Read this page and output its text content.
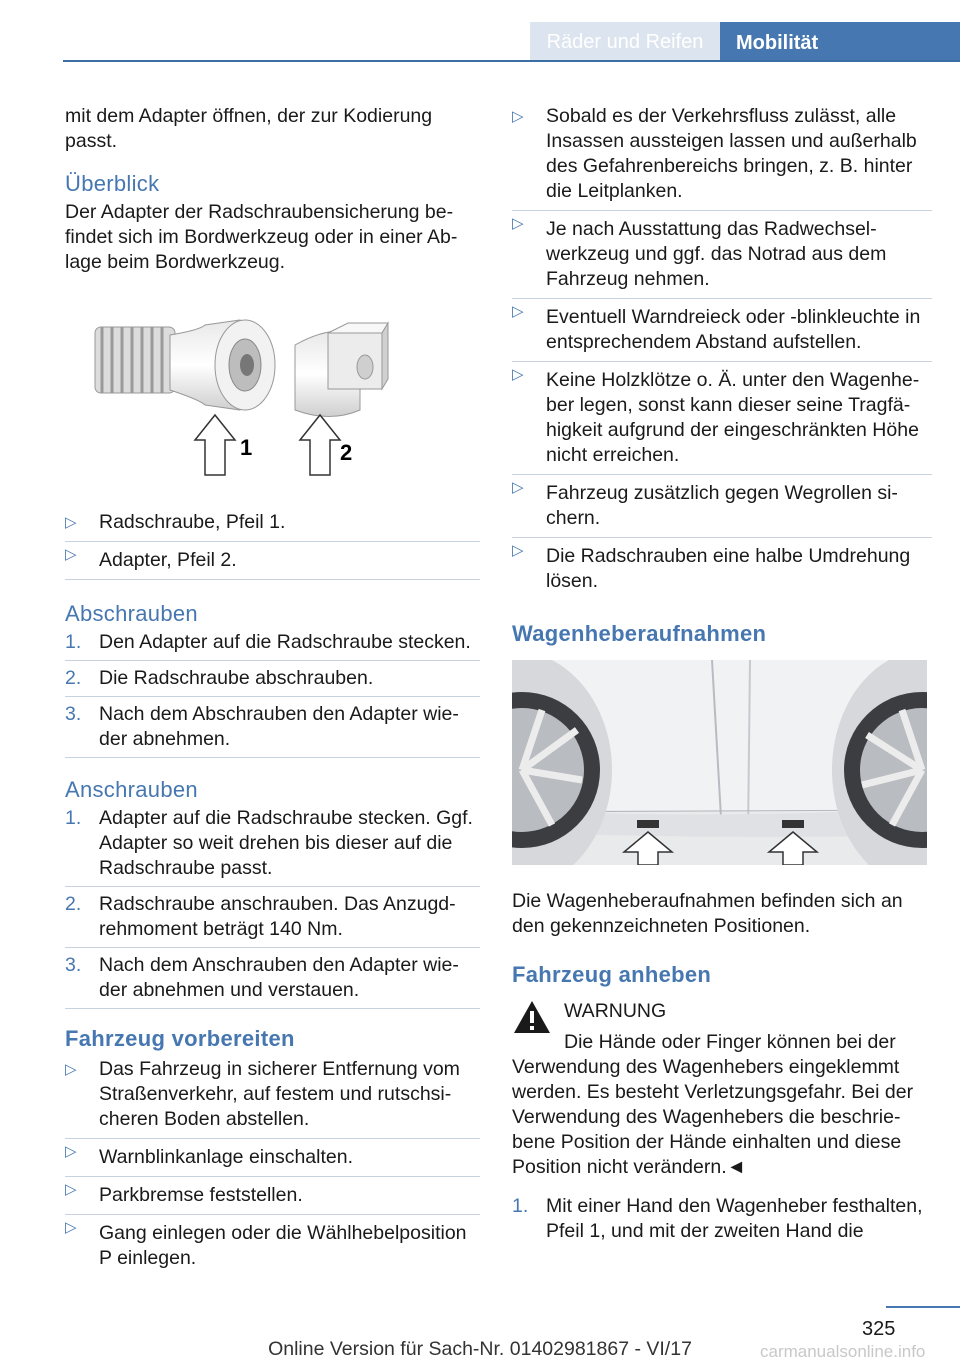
Räder und Reifen	Mobilität

mit dem Adapter öffnen, der zur Kodierung passt.

Überblick

Der Adapter der Radschraubensicherung befindet sich im Bordwerkzeug oder in einer Ablage beim Bordwerkzeug.

1	2
▷ Radschraube, Pfeil 1.
▷ Adapter, Pfeil 2.
Abschrauben
1. Den Adapter auf die Radschraube stecken.
2. Die Radschraube abschrauben.
3. Nach dem Abschrauben den Adapter wieder abnehmen.
Anschrauben
1. Adapter auf die Radschraube stecken. Ggf. Adapter so weit drehen bis dieser auf die Radschraube passt.
2. Radschraube anschrauben. Das Anzugdrehmoment beträgt 140 Nm.
3. Nach dem Anschrauben den Adapter wieder abnehmen und verstauen.
Fahrzeug vorbereiten
▷ Das Fahrzeug in sicherer Entfernung vom Straßenverkehr, auf festem und rutschsicheren Boden abstellen.
▷ Warnblinkanlage einschalten.
▷ Parkbremse feststellen.
▷ Gang einlegen oder die Wählhebelposition P einlegen.
▷ Sobald es der Verkehrsfluss zulässt, alle Insassen aussteigen lassen und außerhalb des Gefahrenbereichs bringen, z. B. hinter die Leitplanken.
▷ Je nach Ausstattung das Radwechselwerkzeug und ggf. das Notrad aus dem Fahrzeug nehmen.
▷ Eventuell Warndreieck oder -blinkleuchte in entsprechendem Abstand aufstellen.
▷ Keine Holzklötze o. Ä. unter den Wagenheber legen, sonst kann dieser seine Tragfähigkeit aufgrund der eingeschränkten Höhe nicht erreichen.
▷ Fahrzeug zusätzlich gegen Wegrollen sichern.
▷ Die Radschrauben eine halbe Umdrehung lösen.
Wagenheberaufnahmen

Die Wagenheberaufnahmen befinden sich an den gekennzeichneten Positionen.

Fahrzeug anheben

WARNUNG

Die Hände oder Finger können bei der

Verwendung des Wagenhebers eingeklemmt werden. Es besteht Verletzungsgefahr. Bei der Verwendung des Wagenhebers die beschriebene Position der Hände einhalten und diese Position nicht verändern.◄

1. Mit einer Hand den Wagenheber festhalten, Pfeil 1, und mit der zweiten Hand die
325
Online Version für Sach-Nr. 01402981867 - VI/17	carmanualsonline.info
